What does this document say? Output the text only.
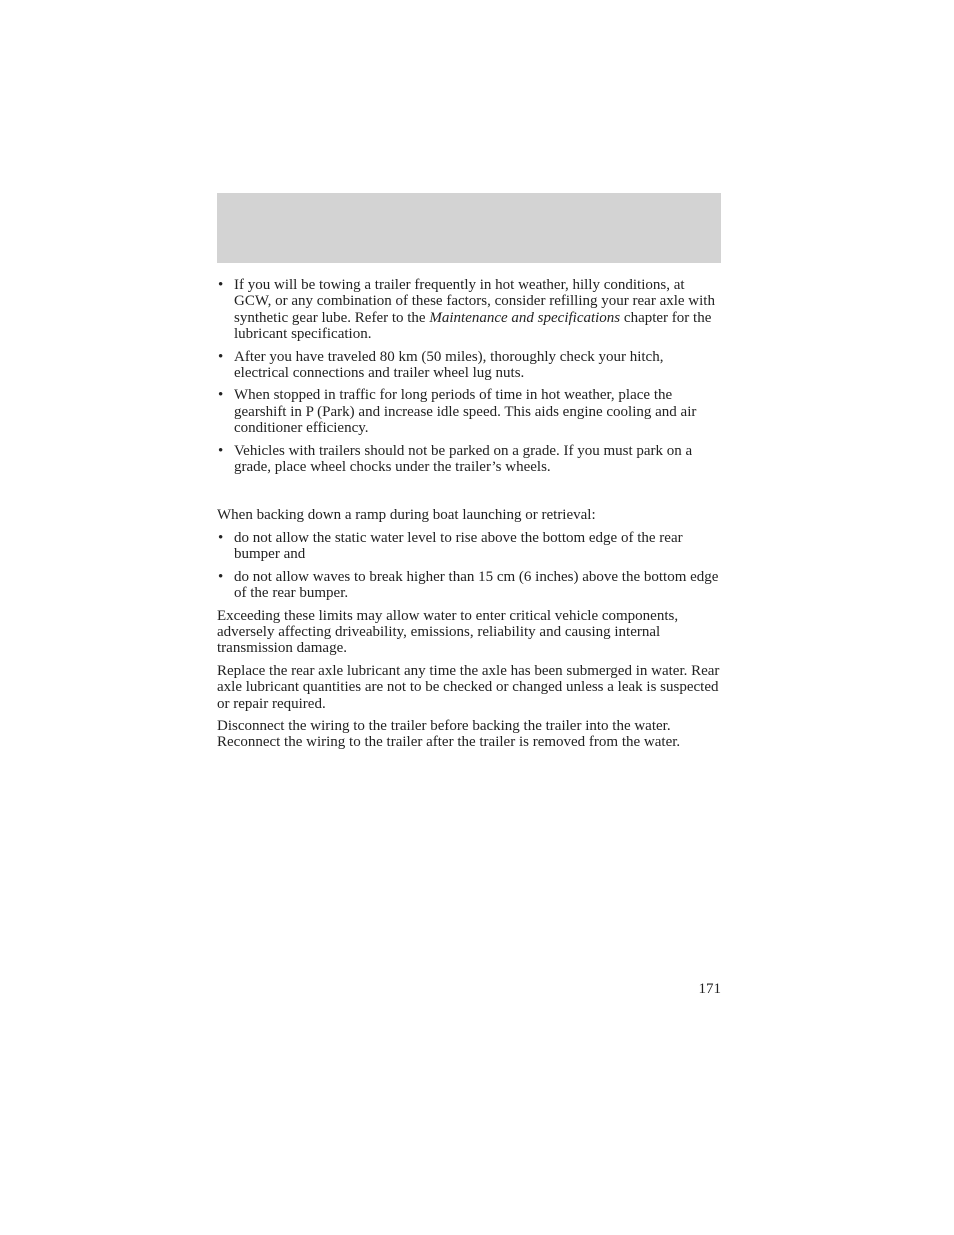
• If you will be towing a trailer frequently in hot weather, hilly conditions, at GCW, or any combination of these factors, consider refilling your rear axle with synthetic gear lube. Refer to the Maintenance and specifications chapter for the lubricant specification.
• After you have traveled 80 km (50 miles), thoroughly check your hitch, electrical connections and trailer wheel lug nuts.
• When stopped in traffic for long periods of time in hot weather, place the gearshift in P (Park) and increase idle speed. This aids engine cooling and air conditioner efficiency.
• Vehicles with trailers should not be parked on a grade. If you must park on a grade, place wheel chocks under the trailer’s wheels.

When backing down a ramp during boat launching or retrieval:

• do not allow the static water level to rise above the bottom edge of the rear bumper and
• do not allow waves to break higher than 15 cm (6 inches) above the bottom edge of the rear bumper.

Exceeding these limits may allow water to enter critical vehicle components, adversely affecting driveability, emissions, reliability and causing internal transmission damage.

Replace the rear axle lubricant any time the axle has been submerged in water. Rear axle lubricant quantities are not to be checked or changed unless a leak is suspected or repair required.

Disconnect the wiring to the trailer before backing the trailer into the water. Reconnect the wiring to the trailer after the trailer is removed from the water.

171
